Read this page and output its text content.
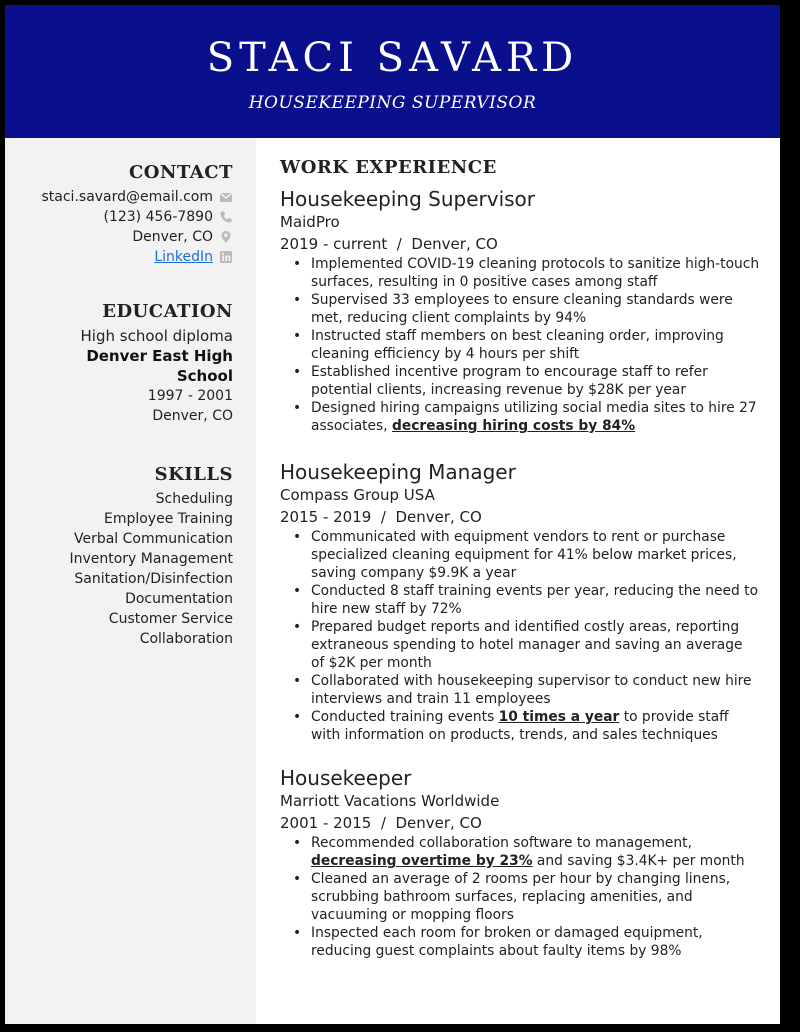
STACI SAVARD
HOUSEKEEPING SUPERVISOR
CONTACT
staci.savard@email.com
(123) 456-7890
Denver, CO
LinkedIn
EDUCATION
High school diploma
Denver East High
School
1997 - 2001
Denver, CO
SKILLS
Scheduling
Employee Training
Verbal Communication
Inventory Management
Sanitation/Disinfection
Documentation
Customer Service
Collaboration
WORK EXPERIENCE
Housekeeping Supervisor
MaidPro
2019 - current / Denver, CO
• Implemented COVID-19 cleaning protocols to sanitize high-touch surfaces, resulting in 0 positive cases among staff
• Supervised 33 employees to ensure cleaning standards were met, reducing client complaints by 94%
• Instructed staff members on best cleaning order, improving cleaning efficiency by 4 hours per shift
• Established incentive program to encourage staff to refer potential clients, increasing revenue by $28K per year
• Designed hiring campaigns utilizing social media sites to hire 27 associates, decreasing hiring costs by 84%
Housekeeping Manager
Compass Group USA
2015 - 2019 / Denver, CO
• Communicated with equipment vendors to rent or purchase specialized cleaning equipment for 41% below market prices, saving company $9.9K a year
• Conducted 8 staff training events per year, reducing the need to hire new staff by 72%
• Prepared budget reports and identified costly areas, reporting extraneous spending to hotel manager and saving an average of $2K per month
• Collaborated with housekeeping supervisor to conduct new hire interviews and train 11 employees
• Conducted training events 10 times a year to provide staff with information on products, trends, and sales techniques
Housekeeper
Marriott Vacations Worldwide
2001 - 2015 / Denver, CO
• Recommended collaboration software to management, decreasing overtime by 23% and saving $3.4K+ per month
• Cleaned an average of 2 rooms per hour by changing linens, scrubbing bathroom surfaces, replacing amenities, and vacuuming or mopping floors
• Inspected each room for broken or damaged equipment, reducing guest complaints about faulty items by 98%
